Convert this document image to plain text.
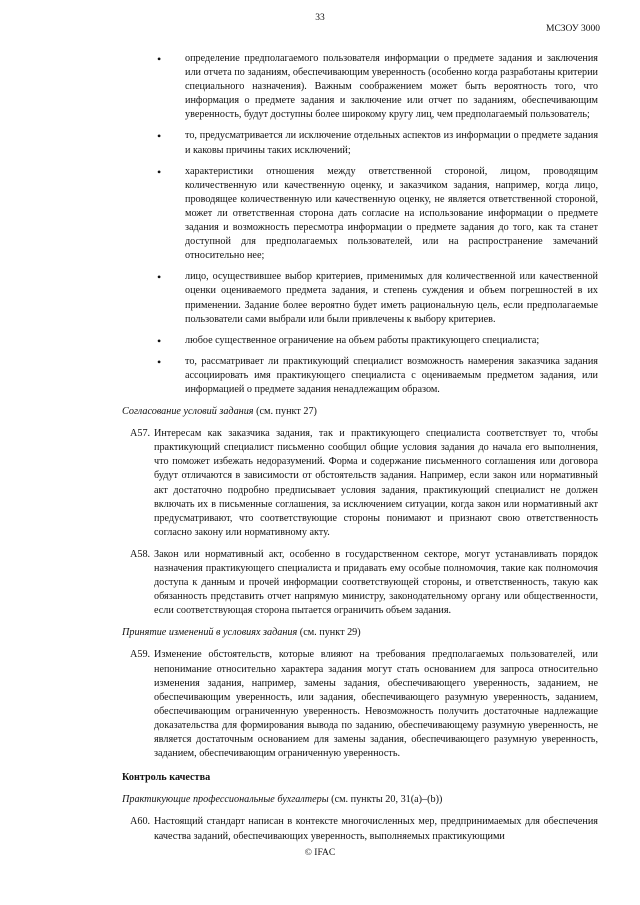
33
МСЗОУ 3000
• определение предполагаемого пользователя информации о предмете задания и заключения или отчета по заданиям, обеспечивающим уверенность (особенно когда разработаны критерии специального назначения). Важным соображением может быть вероятность того, что информация о предмете задания и заключение или отчет по заданиям, обеспечивающим уверенность, будут доступны более широкому кругу лиц, чем предполагаемый пользователь;
• то, предусматривается ли исключение отдельных аспектов из информации о предмете задания и каковы причины таких исключений;
• характеристики отношения между ответственной стороной, лицом, проводящим количественную или качественную оценку, и заказчиком задания, например, когда лицо, проводящее количественную или качественную оценку, не является ответственной стороной, может ли ответственная сторона дать согласие на использование информации о предмете задания и возможность пересмотра информации о предмете задания до того, как та станет доступной для предполагаемых пользователей, или на распространение замечаний относительно нее;
• лицо, осуществившее выбор критериев, применимых для количественной или качественной оценки оцениваемого предмета задания, и степень суждения и объем погрешностей в их применении. Задание более вероятно будет иметь рациональную цель, если предполагаемые пользователи сами выбрали или были привлечены к выбору критериев.
• любое существенное ограничение на объем работы практикующего специалиста;
• то, рассматривает ли практикующий специалист возможность намерения заказчика задания ассоциировать имя практикующего специалиста с оцениваемым предметом задания, или информацией о предмете задания ненадлежащим образом.
Согласование условий задания (см. пункт 27)
A57. Интересам как заказчика задания, так и практикующего специалиста соответствует то, чтобы практикующий специалист письменно сообщил общие условия задания до начала его выполнения, что поможет избежать недоразумений. Форма и содержание письменного соглашения или договора будут отличаются в зависимости от обстоятельств задания. Например, если закон или нормативный акт достаточно подробно предписывает условия задания, практикующий специалист не должен включать их в письменные соглашения, за исключением ситуации, когда закон или нормативный акт предусматривают, что соответствующие стороны понимают и признают свою ответственность согласно закону или нормативному акту.
A58. Закон или нормативный акт, особенно в государственном секторе, могут устанавливать порядок назначения практикующего специалиста и придавать ему особые полномочия, такие как полномочия доступа к данным и прочей информации соответствующей стороны, и ответственность, такую как обязанность представить отчет напрямую министру, законодательному органу или общественности, если соответствующая сторона пытается ограничить объем задания.
Принятие изменений в условиях задания (см. пункт 29)
A59. Изменение обстоятельств, которые влияют на требования предполагаемых пользователей, или непонимание относительно характера задания могут стать основанием для запроса относительно изменения задания, например, замены задания, обеспечивающего уверенность, заданием, не обеспечивающим уверенность, или задания, обеспечивающего разумную уверенность, заданием, обеспечивающим ограниченную уверенность. Невозможность получить достаточные надлежащие доказательства для формирования вывода по заданию, обеспечивающему разумную уверенность, не является достаточным основанием для замены задания, обеспечивающего разумную уверенность, заданием, обеспечивающим ограниченную уверенность.
Контроль качества
Практикующие профессиональные бухгалтеры (см. пункты 20, 31(a)–(b))
A60. Настоящий стандарт написан в контексте многочисленных мер, предпринимаемых для обеспечения качества заданий, обеспечивающих уверенность, выполняемых практикующими
© IFAC
